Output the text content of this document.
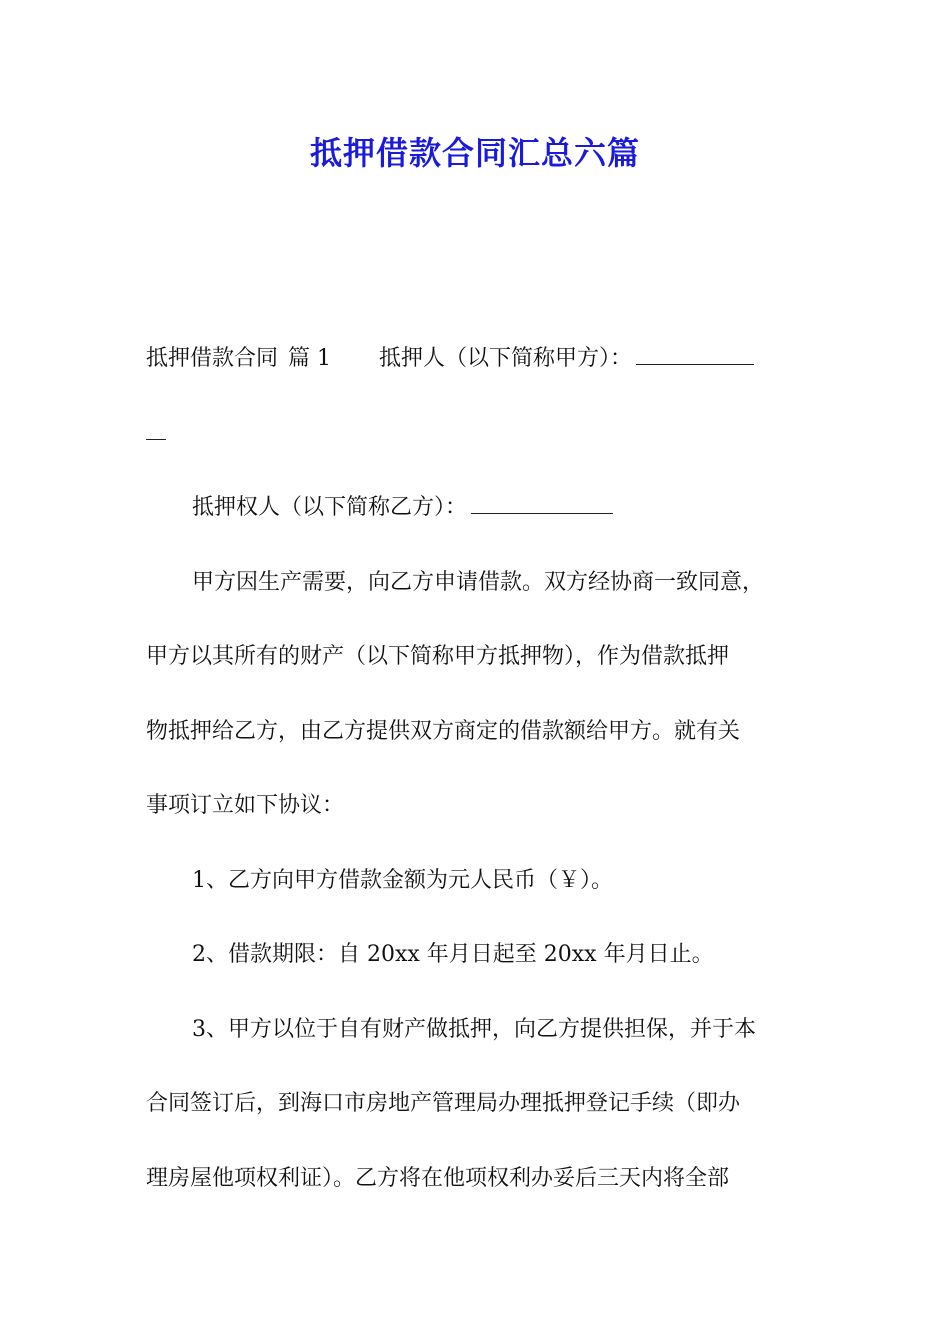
抵押借款合同汇总六篇
抵押借款合同 篇 1 抵押人（以下简称甲方）：
抵押权人（以下简称乙方）：
甲方因生产需要，向乙方申请借款。双方经协商一致同意，
甲方以其所有的财产（以下简称甲方抵押物），作为借款抵押
物抵押给乙方，由乙方提供双方商定的借款额给甲方。就有关
事项订立如下协议：
1、乙方向甲方借款金额为元人民币（￥）。
2、借款期限：自 20xx 年月日起至 20xx 年月日止。
3、甲方以位于自有财产做抵押，向乙方提供担保，并于本
合同签订后，到海口市房地产管理局办理抵押登记手续（即办
理房屋他项权利证）。乙方将在他项权利办妥后三天内将全部
